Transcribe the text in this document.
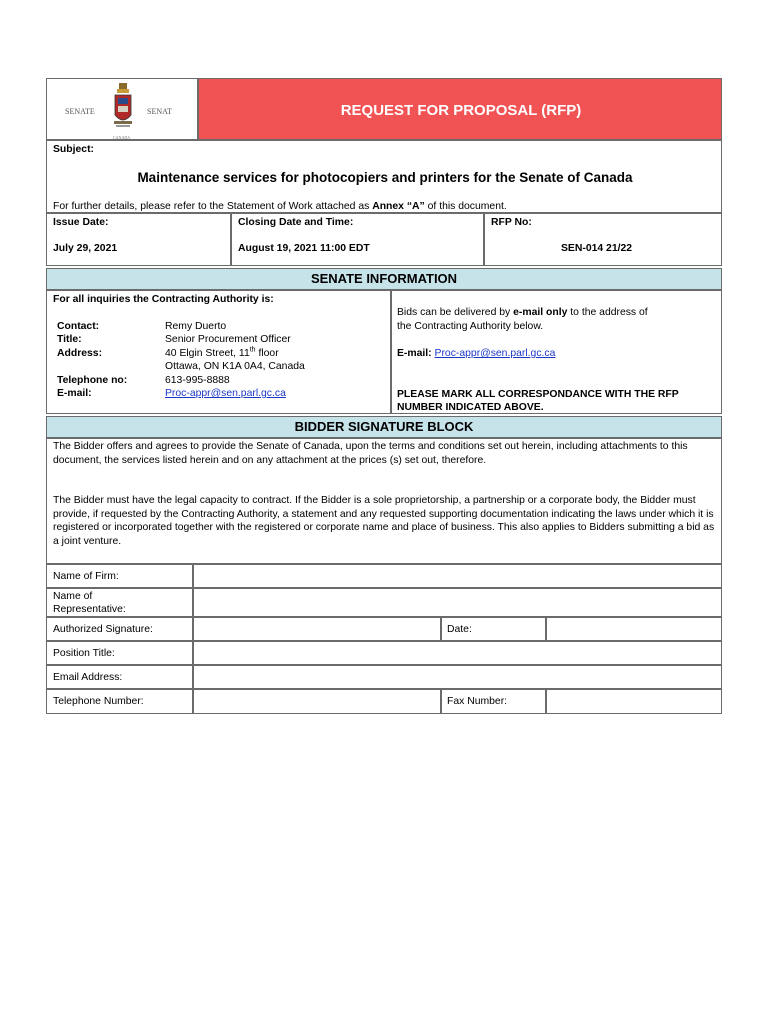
SENATE	SENAT
CANADA
REQUEST FOR PROPOSAL (RFP)
Subject:
Maintenance services for photocopiers and printers for the Senate of Canada
For further details, please refer to the Statement of Work attached as Annex “A” of this document.
Issue Date:
July 29, 2021
Closing Date and Time:
August 19, 2021 11:00 EDT
RFP No:
SEN-014 21/22
SENATE INFORMATION
For all inquiries the Contracting Authority is:
Contact:	Remy Duerto
Title:	Senior Procurement Officer
Address:	40 Elgin Street, 11th floor
Ottawa, ON K1A 0A4, Canada
Telephone no:	613-995-8888
E-mail:	Proc-appr@sen.parl.gc.ca
Bids can be delivered by e-mail only to the address of
the Contracting Authority below.
E-mail: Proc-appr@sen.parl.gc.ca
PLEASE MARK ALL CORRESPONDANCE WITH THE RFP
NUMBER INDICATED ABOVE.
BIDDER SIGNATURE BLOCK
The Bidder offers and agrees to provide the Senate of Canada, upon the terms and conditions set out herein, including attachments to this document, the services listed herein and on any attachment at the prices (s) set out, therefore.
The Bidder must have the legal capacity to contract. If the Bidder is a sole proprietorship, a partnership or a corporate body, the Bidder must provide, if requested by the Contracting Authority, a statement and any requested supporting documentation indicating the laws under which it is registered or incorporated together with the registered or corporate name and place of business. This also applies to Bidders submitting a bid as a joint venture.
Name of Firm:
Name of
Representative:
Authorized Signature:	Date:
Position Title:
Email Address:
Telephone Number:	Fax Number:
